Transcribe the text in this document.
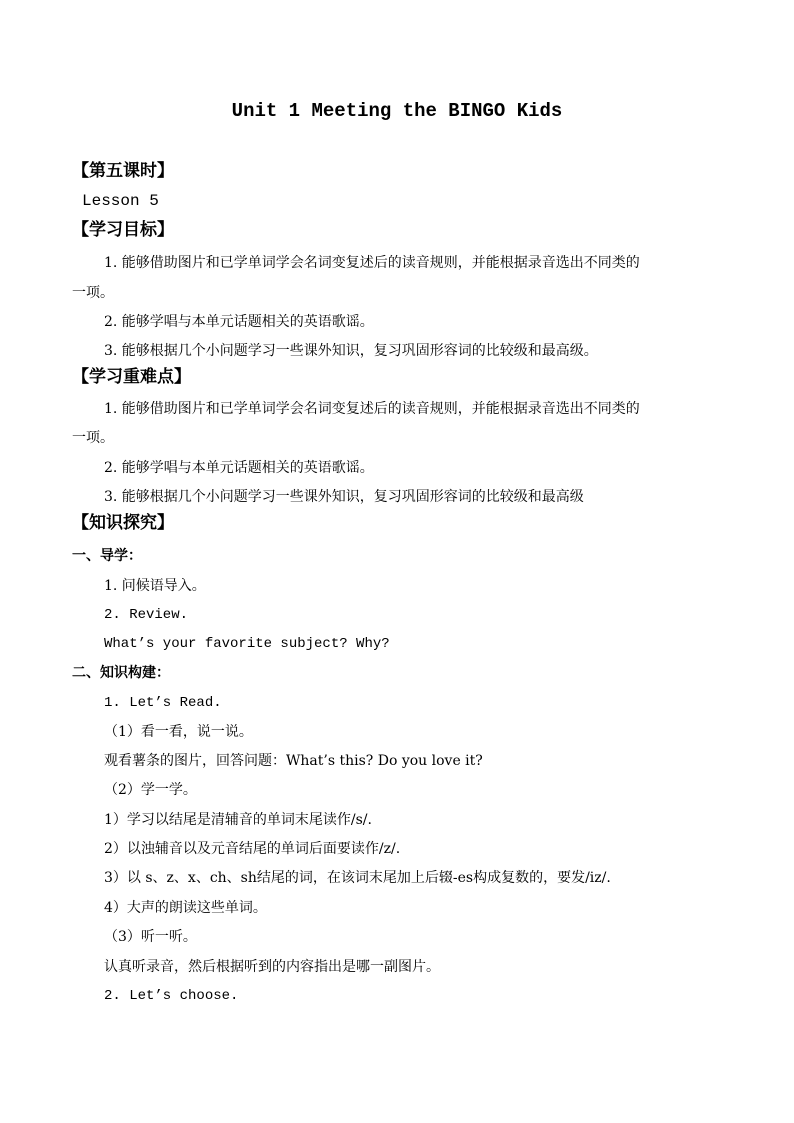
Unit 1 Meeting the BINGO Kids
【第五课时】
Lesson 5
【学习目标】
1. 能够借助图片和已学单词学会名词变复述后的读音规则，并能根据录音选出不同类的
一项。
2. 能够学唱与本单元话题相关的英语歌谣。
3. 能够根据几个小问题学习一些课外知识，复习巩固形容词的比较级和最高级。
【学习重难点】
1. 能够借助图片和已学单词学会名词变复述后的读音规则，并能根据录音选出不同类的
一项。
2. 能够学唱与本单元话题相关的英语歌谣。
3. 能够根据几个小问题学习一些课外知识，复习巩固形容词的比较级和最高级
【知识探究】
一、导学：
1. 问候语导入。
2. Review.
What’s your favorite subject? Why?
二、知识构建：
1. Let’s Read.
（1）看一看，说一说。
观看薯条的图片，回答问题：What’s this? Do you love it?
（2）学一学。
1）学习以结尾是清辅音的单词末尾读作/s/.
2）以浊辅音以及元音结尾的单词后面要读作/z/.
3）以 s、z、x、ch、sh结尾的词，在该词末尾加上后辍-es构成复数的，要发/iz/.
4）大声的朗读这些单词。
（3）听一听。
认真听录音，然后根据听到的内容指出是哪一副图片。
2. Let’s choose.
